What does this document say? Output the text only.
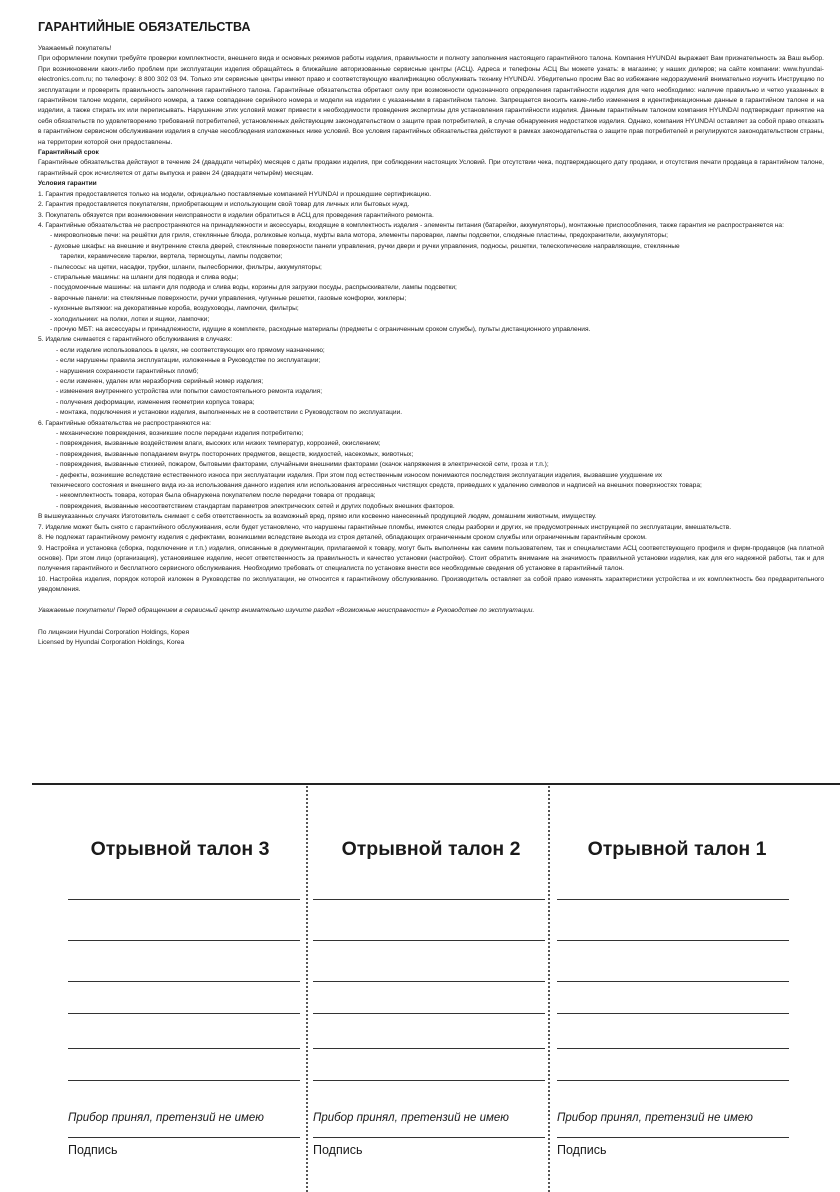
ГАРАНТИЙНЫЕ ОБЯЗАТЕЛЬСТВА

Уважаемый покупатель!

При оформлении покупки требуйте проверки комплектности, внешнего вида и основных режимов работы изделия, правильности и полноту заполнения настоящего гарантийного талона. Компания HYUNDAI выражает Вам признательность за Ваш выбор. При возникновении каких-либо проблем при эксплуатации изделия обращайтесь в ближайшие авторизованные сервисные центры (АСЦ). Адреса и телефоны АСЦ Вы можете узнать: в магазине; у наших дилеров; на сайте компании: www.hyundai-electronics.com.ru; по телефону: 8 800 302 03 94. Только эти сервисные центры имеют право и соответствующую квалификацию обслуживать технику HYUNDAI. Убедительно просим Вас во избежание недоразумений внимательно изучить Инструкцию по эксплуатации и проверить правильность заполнения гарантийного талона. Гарантийные обязательства обретают силу при возможности однозначного определения гарантийности изделия для чего необходимо: наличие правильно и четко указанных в гарантийном талоне модели, серийного номера, а также совпадение серийного номера и модели на изделии с указанными в гарантийном талоне. Запрещается вносить какие-либо изменения в идентификационные данные в гарантийном талоне и на изделии, а также стирать их или переписывать. Нарушение этих условий может привести к необходимости проведения экспертизы для установления гарантийности изделия. Данным гарантийным талоном компания HYUNDAI подтверждает принятие на себя обязательств по удовлетворению требований потребителей, установленных действующим законодательством о защите прав потребителей, в случае обнаружения недостатков изделия. Однако, компания HYUNDAI оставляет за собой право отказать в гарантийном сервисном обслуживании изделия в случае несоблюдения изложенных ниже условий. Все условия гарантийных обязательства действуют в рамках законодательства о защите прав потребителей и регулируются законодательством страны, на территории которой они предоставлены.

Гарантийный срок

Гарантийные обязательства действуют в течение 24 (двадцати четырёх) месяцев с даты продажи изделия, при соблюдении настоящих Условий. При отсутствии чека, подтверждающего дату продажи, и отсутствия печати продавца в гарантийном талоне, гарантийный срок исчисляется от даты выпуска и равен 24 (двадцати четырём) месяцам.

Условия гарантии

1. Гарантия предоставляется только на модели, официально поставляемые компанией HYUNDAI и прошедшие сертификацию.

2. Гарантия предоставляется покупателям, приобретающим и использующим свой товар для личных или бытовых нужд.

3. Покупатель обязуется при возникновении неисправности в изделии обратиться в АСЦ для проведения гарантийного ремонта.

4. Гарантийные обязательства не распространяются на принадлежности и аксессуары, входящие в комплектность изделия - элементы питания (батарейки, аккумуляторы), монтажные приспособления, также гарантия не распространяется на:

- микроволновые печи: на решётки для гриля, стеклянные блюда, роликовые кольца, муфты вала мотора, элементы пароварки, лампы подсветки, слюдяные пластины, предохранители, аккумуляторы;

- духовые шкафы: на внешние и внутренние стекла дверей, стеклянные поверхности панели управления, ручки двери и ручки управления, подносы, решетки, телескопические направляющие, стеклянные

тарелки, керамические тарелки, вертела, термощупы, лампы подсветки;

- пылесосы: на щетки, насадки, трубки, шланги, пылесборники, фильтры, аккумуляторы;

- стиральные машины: на шланги для подвода и слива воды;

- посудомоечные машины: на шланги для подвода и слива воды, корзины для загрузки посуды, распрыскиватели, лампы подсветки;

- варочные панели: на стеклянные поверхности, ручки управления, чугунные решетки, газовые конфорки, жиклеры;

- кухонные вытяжки: на декоративные короба, воздуховоды, лампочки, фильтры;

- холодильники: на полки, лотки и ящики, лампочки;

- прочую МБТ: на аксессуары и принадлежности, идущие в комплекте, расходные материалы (предметы с ограниченным сроком службы), пульты дистанционного управления.

5. Изделие снимается с гарантийного обслуживания в случаях:

- если изделие использовалось в целях, не соответствующих его прямому назначению;

- если нарушены правила эксплуатации, изложенные в Руководстве по эксплуатации;

- нарушения сохранности гарантийных пломб;

- если изменен, удален или неразборчив серийный номер изделия;

- изменения внутреннего устройства или попытки самостоятельного ремонта изделия;

- получения деформации, изменения геометрии корпуса товара;

- монтажа, подключения и установки изделия, выполненных не в соответствии с Руководством по эксплуатации.

6. Гарантийные обязательства не распространяются на:

- механические повреждения, возникшие после передачи изделия потребителю;

- повреждения, вызванные воздействием влаги, высоких или низких температур, коррозией, окислением;

- повреждения, вызванные попаданием внутрь посторонних предметов, веществ, жидкостей, насекомых, животных;

- повреждения, вызванные стихией, пожаром, бытовыми факторами, случайными внешними факторами (скачок напряжения в электрической сети, гроза и т.п.);

- дефекты, возникшие вследствие естественного износа при эксплуатации изделия. При этом под естественным износом понимаются последствия эксплуатации изделия, вызвавшие ухудшение их

технического состояния и внешнего вида из-за использования данного изделия или использования агрессивных чистящих средств, приведших к удалению символов и надписей на внешних поверхностях товара;

- некомплектность товара, которая была обнаружена покупателем после передачи товара от продавца;

- повреждения, вызванные несоответствием стандартам параметров электрических сетей и других подобных внешних факторов.

В вышеуказанных случаях Изготовитель снимает с себя ответственность за возможный вред, прямо или косвенно нанесенный продукцией людям, домашним животным, имуществу.

7. Изделие может быть снято с гарантийного обслуживания, если будет установлено, что нарушены гарантийные пломбы, имеются следы разборки и других, не предусмотренных инструкцией по эксплуатации, вмешательств.

8. Не подлежат гарантийному ремонту изделия с дефектами, возникшими вследствие выхода из строя деталей, обладающих ограниченным сроком службы или ограниченным гарантийным сроком.

9. Настройка и установка (сборка, подключение и т.п.) изделия, описанные в документации, прилагаемой к товару, могут быть выполнены как самим пользователем, так и специалистами АСЦ соответствующего профиля и фирм-продавцов (на платной основе). При этом лицо (организация), установившее изделие, несет ответственность за правильность и качество установки (настройки). Стоит обратить внимание на значимость правильной установки изделия, как для его надежной работы, так и для получения гарантийного и бесплатного сервисного обслуживания. Необходимо требовать от специалиста по установке внести все необходимые сведения об установке в гарантийный талон.

10. Настройка изделия, порядок которой изложен в Руководстве по эксплуатации, не относится к гарантийному обслуживанию. Производитель оставляет за собой право изменять характеристики устройства и их комплектность без предварительного уведомления.

Уважаемые покупатели! Перед обращением в сервисный центр внимательно изучите раздел «Возможные неисправности» в Руководстве по эксплуатации.

По лицензии Hyundai Corporation Holdings, Корея

Licensed by Hyundai Corporation Holdings, Korea

Отрывной талон 3
Прибор принял, претензий не имею
Подпись
Отрывной талон 2
Прибор принял, претензий не имею
Подпись
Отрывной талон 1
Прибор принял, претензий не имею
Подпись
